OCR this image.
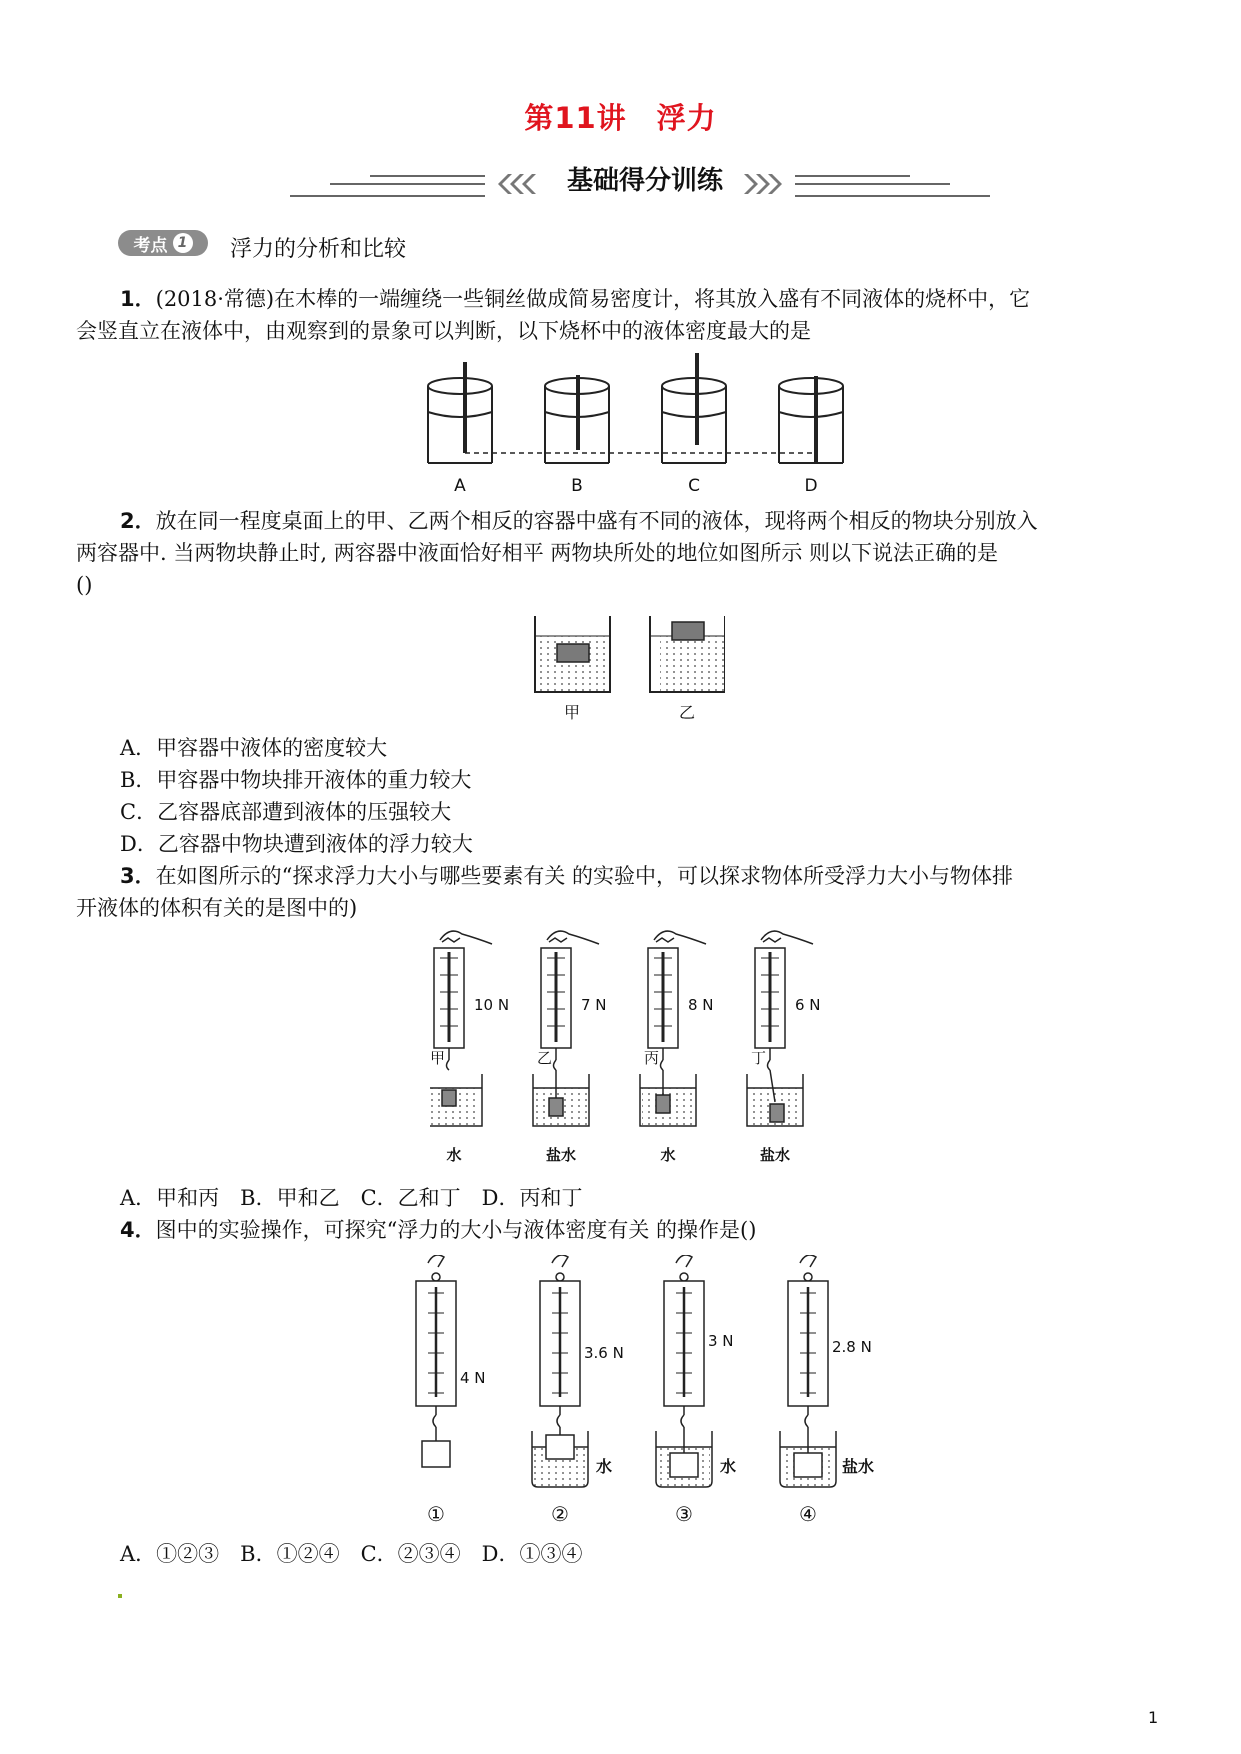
第11讲　浮力
基础得分训练
考点 1 浮力的分析和比较
1．(2018·常德)在木棒的一端缠绕一些铜丝做成简易密度计，将其放入盛有不同液体的烧杯中，它
会竖直立在液体中，由观察到的景象可以判断，以下烧杯中的液体密度最大的是
A	B	C	D
2．放在同一程度桌面上的甲、乙两个相反的容器中盛有不同的液体，现将两个相反的物块分别放入
两容器中. 当两物块静止时, 两容器中液面恰好相平 两物块所处的地位如图所示 则以下说法正确的是
()
甲	乙
A．甲容器中液体的密度较大
B．甲容器中物块排开液体的重力较大
C．乙容器底部遭到液体的压强较大
D．乙容器中物块遭到液体的浮力较大
3．在如图所示的“探求浮力大小与哪些要素有关 的实验中，可以探求物体所受浮力大小与物体排
开液体的体积有关的是图中的)
10 N	7 N	8 N	6 N
甲	乙	丙	丁
水	盐水	水	盐水
A．甲和丙　B．甲和乙　C．乙和丁　D．丙和丁
4．图中的实验操作，可探究“浮力的大小与液体密度有关 的操作是()
4 N
3.6 N
3 N	2.8 N
水	水	盐水
①	②	③	④
A．①②③　B．①②④　C．②③④　D．①③④
1
